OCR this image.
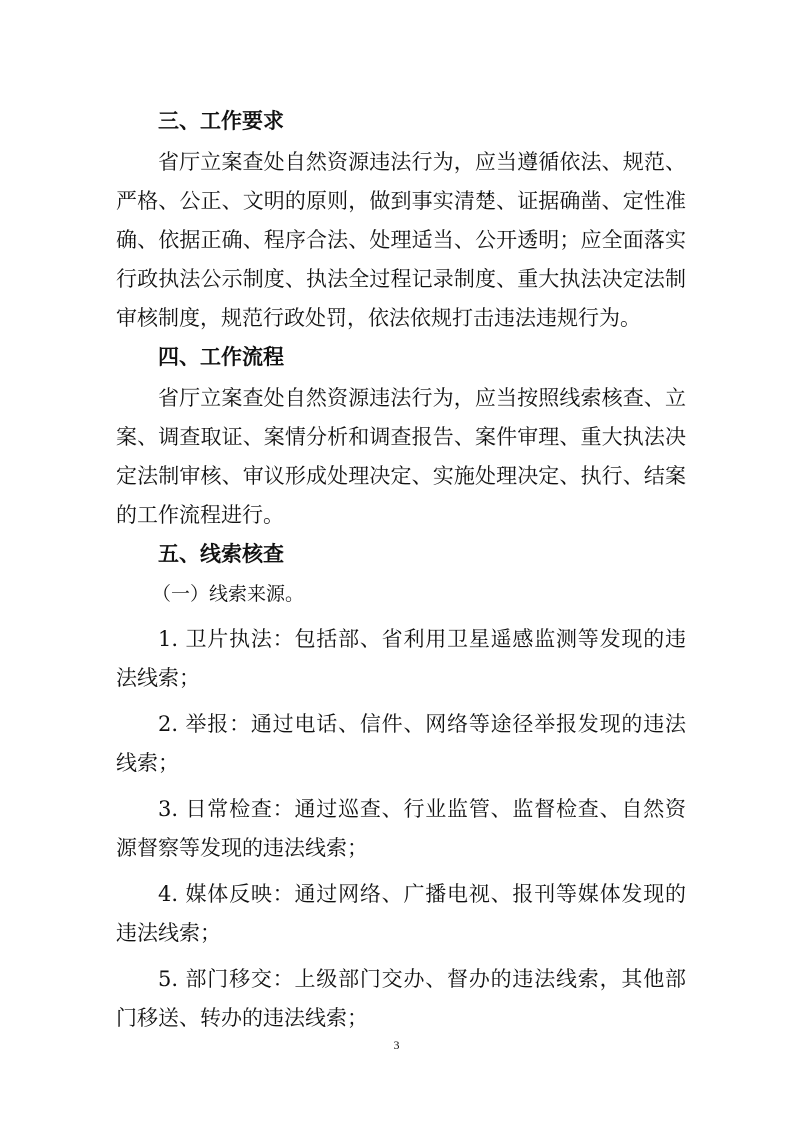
三、工作要求
省厅立案查处自然资源违法行为，应当遵循依法、规范、
严格、公正、文明的原则，做到事实清楚、证据确凿、定性准
确、依据正确、程序合法、处理适当、公开透明；应全面落实
行政执法公示制度、执法全过程记录制度、重大执法决定法制
审核制度，规范行政处罚，依法依规打击违法违规行为。
四、工作流程
省厅立案查处自然资源违法行为，应当按照线索核查、立
案、调查取证、案情分析和调查报告、案件审理、重大执法决
定法制审核、审议形成处理决定、实施处理决定、执行、结案
的工作流程进行。
五、线索核查
（一）线索来源。
1. 卫片执法：包括部、省利用卫星遥感监测等发现的违
法线索；
2. 举报：通过电话、信件、网络等途径举报发现的违法
线索；
3. 日常检查：通过巡查、行业监管、监督检查、自然资
源督察等发现的违法线索；
4. 媒体反映：通过网络、广播电视、报刊等媒体发现的
违法线索；
5. 部门移交：上级部门交办、督办的违法线索，其他部
门移送、转办的违法线索；
3
